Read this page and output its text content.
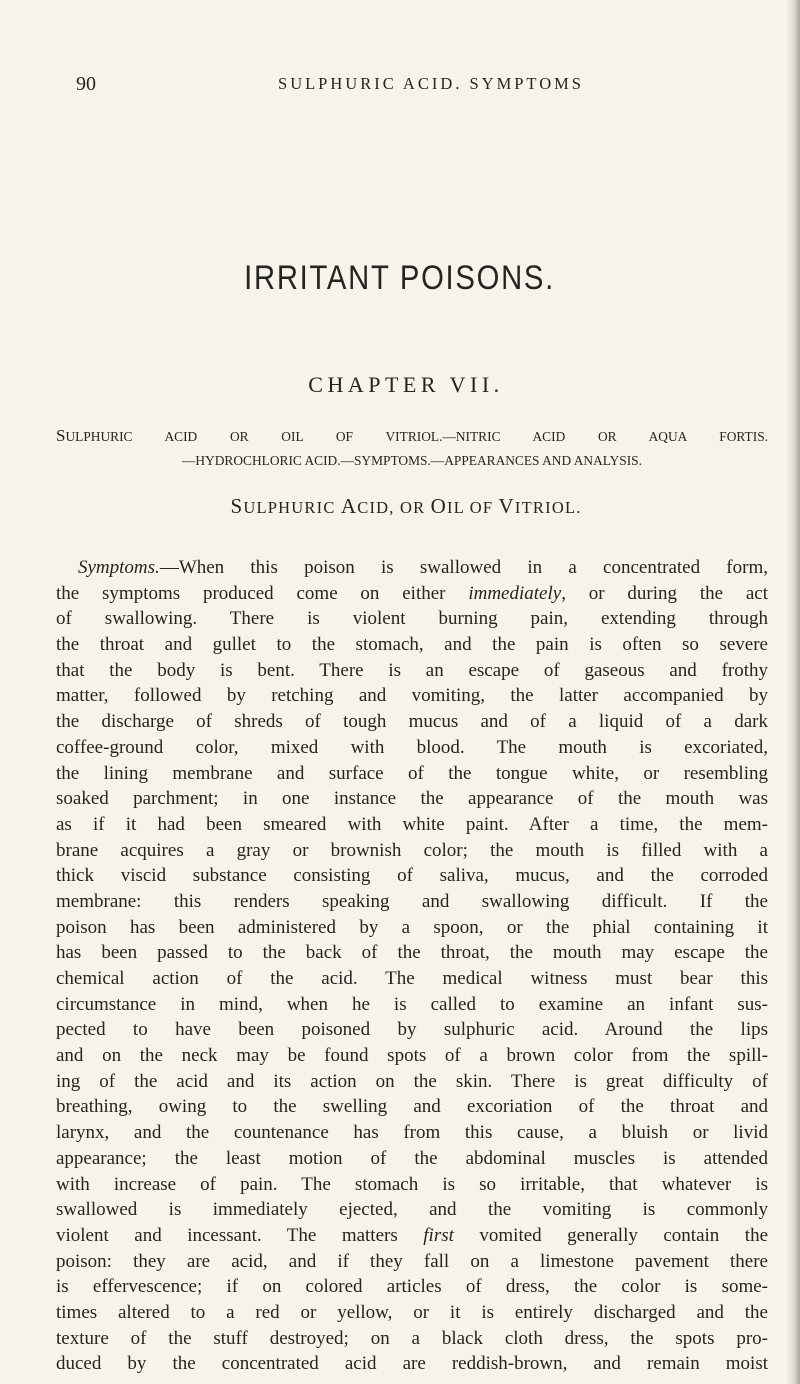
90	SULPHURIC ACID. SYMPTOMS
IRRITANT POISONS.
CHAPTER VII.
SULPHURIC ACID OR OIL OF VITRIOL.—NITRIC ACID OR AQUA FORTIS.
—HYDROCHLORIC ACID.—SYMPTOMS.—APPEARANCES AND ANALYSIS.
SULPHURIC ACID, OR OIL OF VITRIOL.
Symptoms.—When this poison is swallowed in a concentrated form,
the symptoms produced come on either immediately, or during the act
of swallowing. There is violent burning pain, extending through
the throat and gullet to the stomach, and the pain is often so severe
that the body is bent. There is an escape of gaseous and frothy
matter, followed by retching and vomiting, the latter accompanied by
the discharge of shreds of tough mucus and of a liquid of a dark
coffee-ground color, mixed with blood. The mouth is excoriated,
the lining membrane and surface of the tongue white, or resembling
soaked parchment; in one instance the appearance of the mouth was
as if it had been smeared with white paint. After a time, the mem-
brane acquires a gray or brownish color; the mouth is filled with a
thick viscid substance consisting of saliva, mucus, and the corroded
membrane: this renders speaking and swallowing difficult. If the
poison has been administered by a spoon, or the phial containing it
has been passed to the back of the throat, the mouth may escape the
chemical action of the acid. The medical witness must bear this
circumstance in mind, when he is called to examine an infant sus-
pected to have been poisoned by sulphuric acid. Around the lips
and on the neck may be found spots of a brown color from the spill-
ing of the acid and its action on the skin. There is great difficulty of
breathing, owing to the swelling and excoriation of the throat and
larynx, and the countenance has from this cause, a bluish or livid
appearance; the least motion of the abdominal muscles is attended
with increase of pain. The stomach is so irritable, that whatever is
swallowed is immediately ejected, and the vomiting is commonly
violent and incessant. The matters first vomited generally contain the
poison: they are acid, and if they fall on a limestone pavement there
is effervescence; if on colored articles of dress, the color is some-
times altered to a red or yellow, or it is entirely discharged and the
texture of the stuff destroyed; on a black cloth dress, the spots pro-
duced by the concentrated acid are reddish-brown, and remain moist
